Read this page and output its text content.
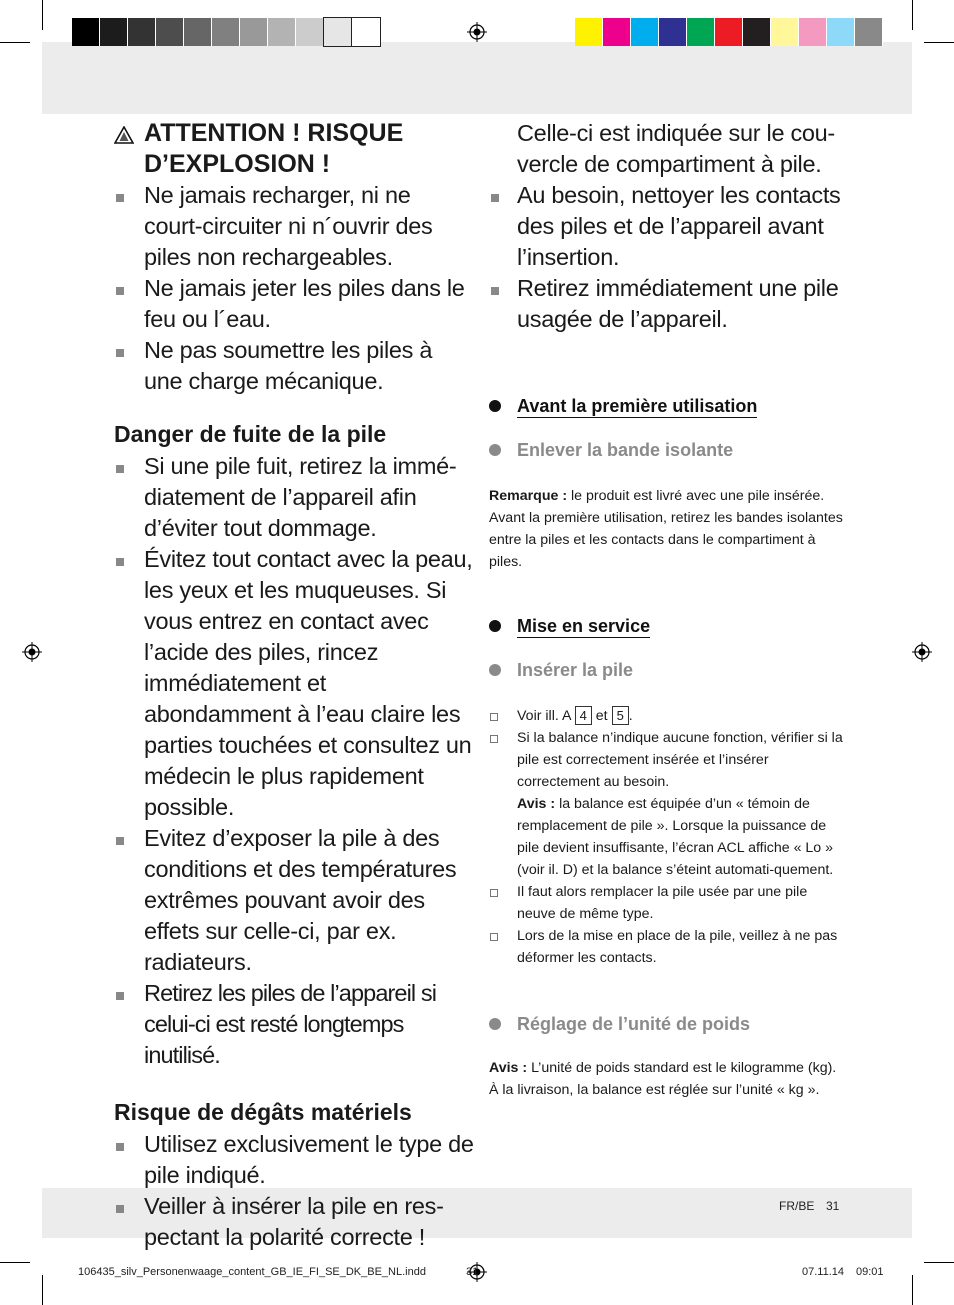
ATTENTION ! RISQUE D’EXPLOSION !
Ne jamais recharger, ni ne court-circuiter ni n´ouvrir des piles non rechargeables.
Ne jamais jeter les piles dans le feu ou l´eau.
Ne pas soumettre les piles à une charge mécanique.
Danger de fuite de la pile
Si une pile fuit, retirez la immé-diatement de l’appareil afin d’éviter tout dommage.
Évitez tout contact avec la peau, les yeux et les muqueuses. Si vous entrez en contact avec l’acide des piles, rincez immédiatement et abondamment à l’eau claire les parties touchées et consultez un médecin le plus rapidement possible.
Evitez d’exposer la pile à des conditions et des températures extrêmes pouvant avoir des effets sur celle-ci, par ex. radiateurs.
Retirez les piles de l’appareil si celui-ci est resté longtemps inutilisé.
Risque de dégâts matériels
Utilisez exclusivement le type de pile indiqué.
Veiller à insérer la pile en res-pectant la polarité correcte !
Celle-ci est indiquée sur le cou-vercle de compartiment à pile.
Au besoin, nettoyer les contacts des piles et de l’appareil avant l’insertion.
Retirez immédiatement une pile usagée de l’appareil.
Avant la première utilisation
Enlever la bande isolante
Remarque : le produit est livré avec une pile insérée. Avant la première utilisation, retirez les bandes isolantes entre la piles et les contacts dans le compartiment à piles.
Mise en service
Insérer la pile
Voir ill. A 4 et 5 .
Si la balance n’indique aucune fonction, vérifier si la pile est correctement insérée et l’insérer correctement au besoin.
Avis : la balance est équipée d’un « témoin de remplacement de pile ». Lorsque la puissance de pile devient insuffisante, l’écran ACL affiche « Lo » (voir il. D) et la balance s’éteint automati-quement.
Il faut alors remplacer la pile usée par une pile neuve de même type.
Lors de la mise en place de la pile, veillez à ne pas déformer les contacts.
Réglage de l’unité de poids
Avis : L’unité de poids standard est le kilogramme (kg). À la livraison, la balance est réglée sur l’unité « kg ».
FR/BE 31
106435_silv_Personenwaage_content_GB_IE_FI_SE_DK_BE_NL.indd	31	07.11.14 09:01
